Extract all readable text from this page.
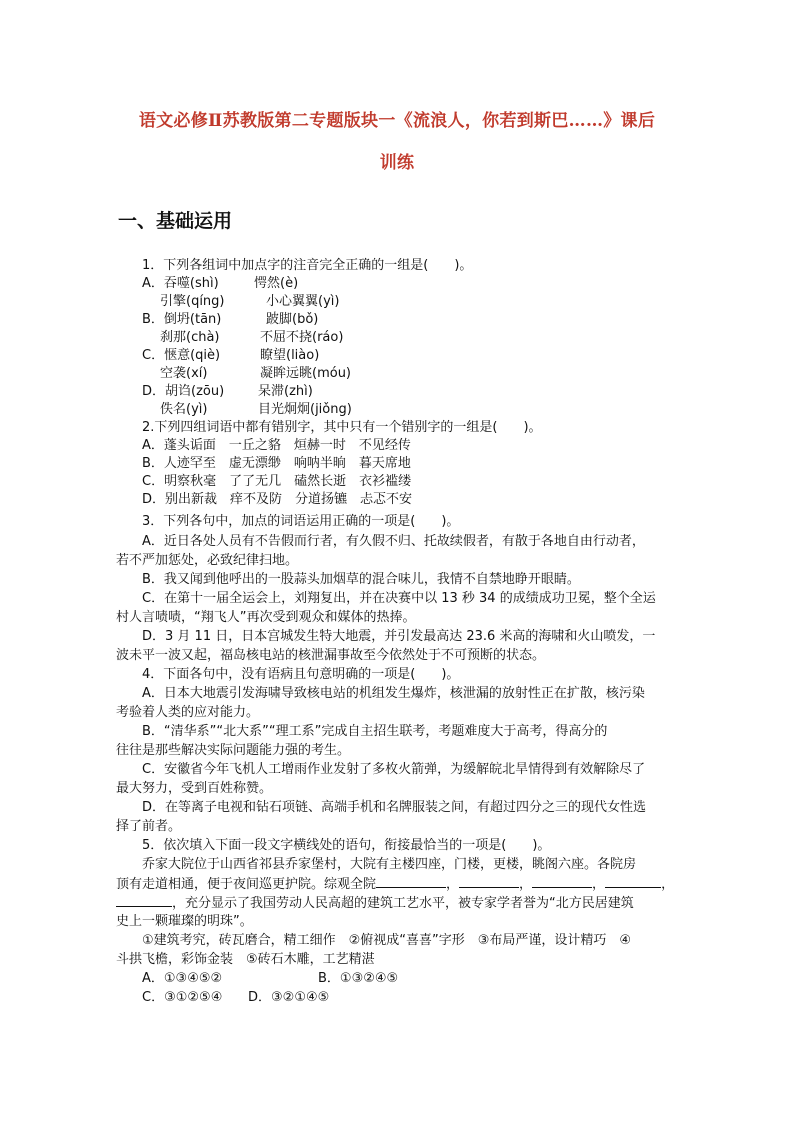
语文必修Ⅱ苏教版第二专题版块一《流浪人，你若到斯巴……》课后
训练
一、基础运用
1．下列各组词中加点字的注音完全正确的一组是(　　)。
A．吞噬(shì)	愕然(è)
引擎(qíng)	小心翼翼(yì)
B．倒坍(tān)	跛脚(bǒ)
刹那(chà)	不屈不挠(ráo)
C．惬意(qiè)	瞭望(liào)
空袭(xí)	凝眸远眺(móu)
D．胡诌(zōu)	呆滞(zhì)
佚名(yì)	目光炯炯(jiǒng)
2.下列四组词语中都有错别字，其中只有一个错别字的一组是(　　)。
A．蓬头诟面　一丘之貉　烜赫一时　不见经传
B．人迹罕至　虚无漂缈　响呐半晌　暮天席地
C．明察秋毫　了了无几　磕然长逝　衣衫褴缕
D．别出新裁　痒不及防　分道扬镳　忐忑不安
3．下列各句中，加点的词语运用正确的一项是(　　)。
A．近日各处人员有不告假而行者，有久假不归、托故续假者，有散于各地自由行动者，
若不严加惩处，必致纪律扫地。
B．我又闻到他呼出的一股蒜头加烟草的混合味儿，我情不自禁地睁开眼睛。
C．在第十一届全运会上，刘翔复出，并在决赛中以 13 秒 34 的成绩成功卫冕，整个全运
村人言啧啧，“翔飞人”再次受到观众和媒体的热捧。
D．3 月 11 日，日本宫城发生特大地震，并引发最高达 23.6 米高的海啸和火山喷发，一
波未平一波又起，福岛核电站的核泄漏事故至今依然处于不可预断的状态。
4．下面各句中，没有语病且句意明确的一项是(　　)。
A．日本大地震引发海啸导致核电站的机组发生爆炸，核泄漏的放射性正在扩散，核污染
考验着人类的应对能力。
B．“清华系”“北大系”“理工系”完成自主招生联考，考题难度大于高考，得高分的
往往是那些解决实际问题能力强的考生。
C．安徽省今年飞机人工增雨作业发射了多枚火箭弹，为缓解皖北旱情得到有效解除尽了
最大努力，受到百姓称赞。
D．在等离子电视和钻石项链、高端手机和名牌服装之间，有超过四分之三的现代女性选
择了前者。
5．依次填入下面一段文字横线处的语句，衔接最恰当的一项是(　　)。
乔家大院位于山西省祁县乔家堡村，大院有主楼四座，门楼，更楼，眺阁六座。各院房
顶有走道相通，便于夜间巡更护院。综观全院	，	，	，	，
，充分显示了我国劳动人民高超的建筑工艺水平，被专家学者誉为“北方民居建筑
史上一颗璀璨的明珠”。
①建筑考究，砖瓦磨合，精工细作　②俯视成“喜喜”字形　③布局严谨，设计精巧　④
斗拱飞檐，彩饰金装　⑤砖石木雕，工艺精湛
A．①③④⑤②	B．①③②④⑤
C．③①②⑤④ D．③②①④⑤
